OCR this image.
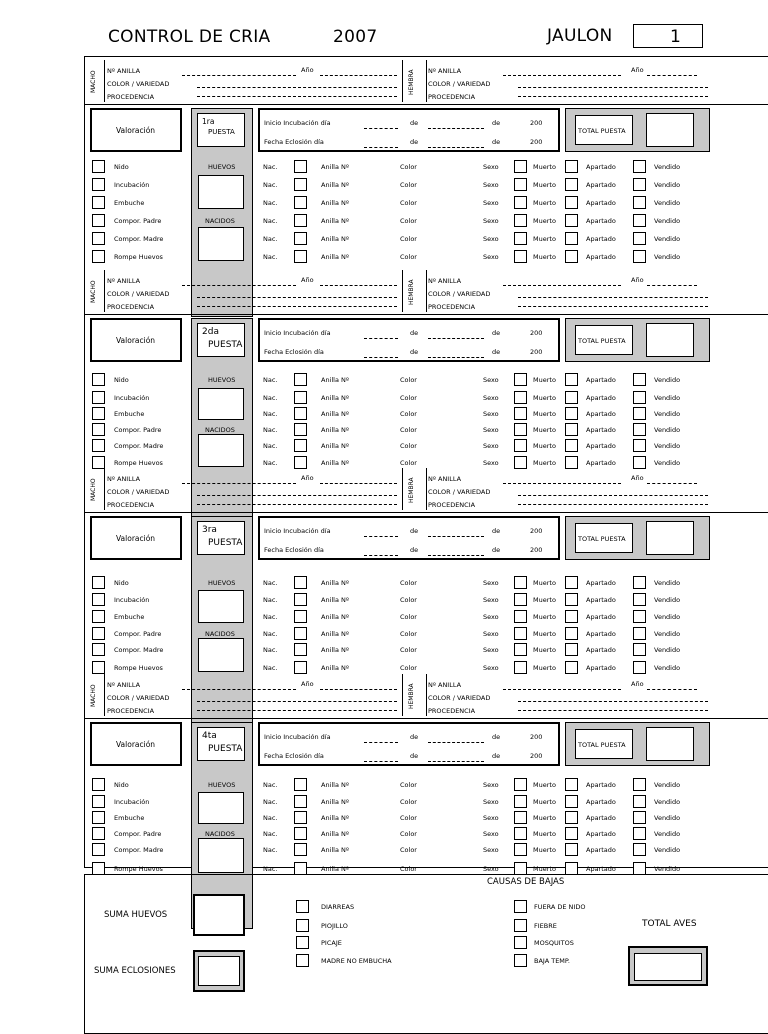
CONTROL DE CRIA	2007	JAULON	1
MACHO	HEMBRA
Nº ANILLA
COLOR / VARIEDAD
PROCEDENCIA
Año	Nº ANILLA
COLOR / VARIEDAD
PROCEDENCIA
Año
Valoración
1ra
PUESTA
Inicio Incubación día
Fecha Eclosión día
de	de	200
de	de	200
TOTAL PUESTA
Nido	Nac.	Anilla Nº	Color	Sexo	Muerto	Apartado	Vendido
HUEVOS
Incubación	Nac.	Anilla Nº	Color	Sexo	Muerto	Apartado	Vendido
Embuche	Nac.	Anilla Nº	Color	Sexo	Muerto	Apartado	Vendido
Compor. Padre	Nac.	Anilla Nº	Color	Sexo	Muerto	Apartado	Vendido
NACIDOS
Compor. Madre	Nac.	Anilla Nº	Color	Sexo	Muerto	Apartado	Vendido
Rompe Huevos	Nac.	Anilla Nº	Color	Sexo	Muerto	Apartado	Vendido
MACHO	HEMBRA
Nº ANILLA
COLOR / VARIEDAD
PROCEDENCIA
Año	Nº ANILLA
COLOR / VARIEDAD
PROCEDENCIA
Año
Valoración
2da
PUESTA
Inicio Incubación día
Fecha Eclosión día
de	de	200
de	de	200
TOTAL PUESTA
Nido	Nac.	Anilla Nº	Color	Sexo	Muerto	Apartado	Vendido
HUEVOS
Incubación	Nac.	Anilla Nº	Color	Sexo	Muerto	Apartado	Vendido
Embuche	Nac.	Anilla Nº	Color	Sexo	Muerto	Apartado	Vendido
Compor. Padre	Nac.	Anilla Nº	Color	Sexo	Muerto	Apartado	Vendido
NACIDOS
Compor. Madre	Nac.	Anilla Nº	Color	Sexo	Muerto	Apartado	Vendido
Rompe Huevos	Nac.	Anilla Nº	Color	Sexo	Muerto	Apartado	Vendido
MACHO	HEMBRA
Nº ANILLA
COLOR / VARIEDAD
PROCEDENCIA
Año	Nº ANILLA
COLOR / VARIEDAD
PROCEDENCIA
Año
Valoración
3ra
PUESTA
Inicio Incubación día
Fecha Eclosión día
de	de	200
de	de	200
TOTAL PUESTA
Nido	Nac.	Anilla Nº	Color	Sexo	Muerto	Apartado	Vendido
HUEVOS
Incubación	Nac.	Anilla Nº	Color	Sexo	Muerto	Apartado	Vendido
Embuche	Nac.	Anilla Nº	Color	Sexo	Muerto	Apartado	Vendido
Compor. Padre	Nac.	Anilla Nº	Color	Sexo	Muerto	Apartado	Vendido
NACIDOS
Compor. Madre	Nac.	Anilla Nº	Color	Sexo	Muerto	Apartado	Vendido
Rompe Huevos	Nac.	Anilla Nº	Color	Sexo	Muerto	Apartado	Vendido
MACHO	HEMBRA
Nº ANILLA
COLOR / VARIEDAD
PROCEDENCIA
Año	Nº ANILLA
COLOR / VARIEDAD
PROCEDENCIA
Año
Valoración
4ta
PUESTA
Inicio Incubación día
Fecha Eclosión día
de	de	200
de	de	200
TOTAL PUESTA
Nido	Nac.	Anilla Nº	Color	Sexo	Muerto	Apartado	Vendido
HUEVOS
Incubación	Nac.	Anilla Nº	Color	Sexo	Muerto	Apartado	Vendido
Embuche	Nac.	Anilla Nº	Color	Sexo	Muerto	Apartado	Vendido
Compor. Padre	Nac.	Anilla Nº	Color	Sexo	Muerto	Apartado	Vendido
NACIDOS
Compor. Madre	Nac.	Anilla Nº	Color	Sexo	Muerto	Apartado	Vendido
Rompe Huevos	Nac.	Anilla Nº	Color	Sexo	Muerto	Apartado	Vendido
CAUSAS DE BAJAS
SUMA HUEVOS
SUMA ECLOSIONES
TOTAL AVES
DIARREAS
PIOJILLO
PICAJE
MADRE NO EMBUCHA
FUERA DE NIDO
FIEBRE
MOSQUITOS
BAJA TEMP.
